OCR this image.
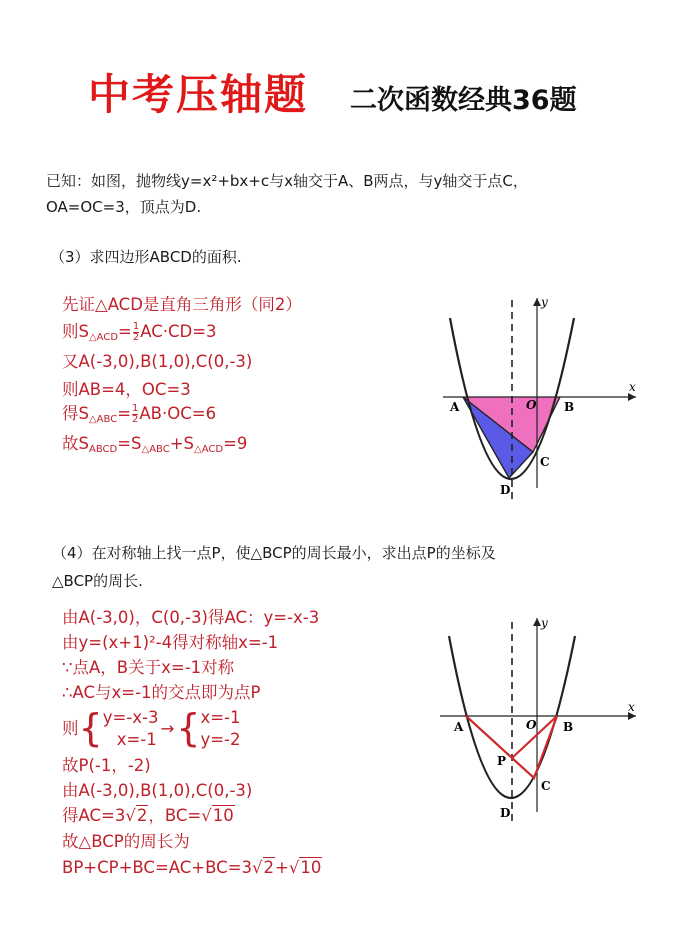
中考压轴题 二次函数经典36题
已知：如图，抛物线y=x²+bx+c与x轴交于A、B两点，与y轴交于点C，
OA=OC=3，顶点为D.
（3）求四边形ABCD的面积.
先证△ACD是直角三角形（同2）
则$S_{\triangle ACD}= \frac{1}{2} AC\cdot CD=3$
又A(-3,0),B(1,0),C(0,-3)
则AB=4，OC=3
得$S_{\triangle ABC}= \frac{1}{2} AB\cdot OC=6$
故$S_{ABCD}=S_{\triangle ABC}+S_{\triangle ACD}=9$
x
y
A	O B
C
D
（4）在对称轴上找一点P，使△BCP的周长最小，求出点P的坐标及
△BCP的周长.
由A(-3,0)，C(0,-3)得AC：y=-x-3
由y=(x+1)²-4得对称轴x=-1
∵点A，B关于x=-1对称
∴AC与x=-1的交点即为点P
则{ y=-x-3
x=-1
→{ x=-1
y=-2
故P(-1，-2)
由A(-3,0),B(1,0),C(0,-3)
得AC=3√2，BC=√10
故△BCP的周长为
BP+CP+BC=AC+BC=3√2+√10
x
y
A	O B
P
C
D
